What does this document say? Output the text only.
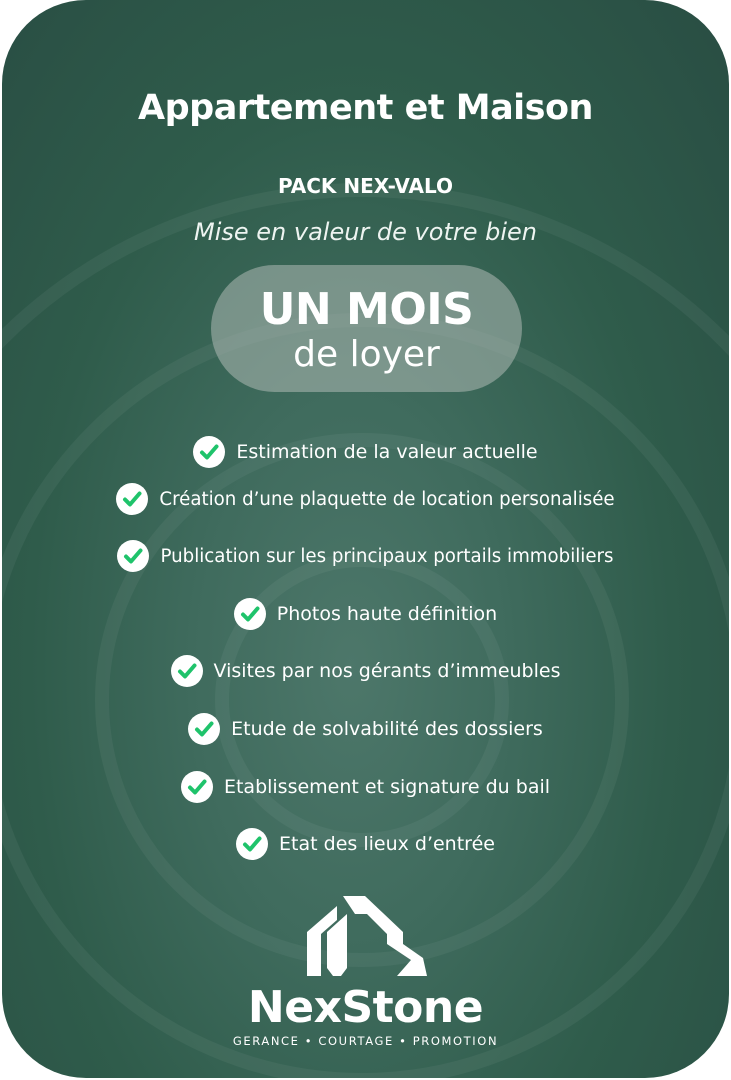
Appartement et Maison
PACK NEX-VALO
Mise en valeur de votre bien
UN MOIS
de loyer
Estimation de la valeur actuelle
Création d’une plaquette de location personalisée
Publication sur les principaux portails immobiliers
Photos haute définition
Visites par nos gérants d’immeubles
Etude de solvabilité des dossiers
Etablissement et signature du bail
Etat des lieux d’entrée
NexStone
GERANCE • COURTAGE • PROMOTION
